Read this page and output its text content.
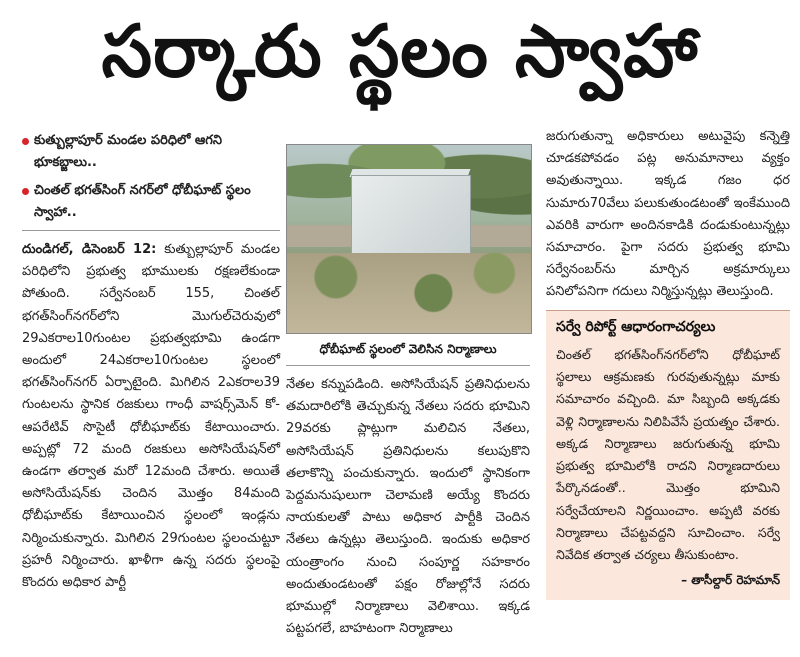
సర్కారు స్థలం స్వాహా
కుత్బుల్లాపూర్ మండల పరిధిలో ఆగని భూకబ్జాలు..
చింతల్ భగత్‌సింగ్ నగర్‌లో ధోబీఘాట్ స్థలం స్వాహా..
దుండిగల్, డిసెంబర్ 12: కుత్బుల్లాపూర్ మండల పరిధిలోని ప్రభుత్వ భూములకు రక్షణలేకుండా పోతుంది. సర్వేనంబర్ 155, చింతల్ భగత్‌సింగ్‌నగర్‌లోని మొగుల్‌చెరువులో 29ఎకరాల10గుంటల ప్రభుత్వభూమి ఉండగా అందులో 24ఎకరాల10గుంటల స్థలంలో భగత్‌సింగ్‌నగర్ ఏర్పాటైంది. మిగిలిన 2ఎకరాల39 గుంటలను స్థానిక రజకులు గాంధీ వాషర్స్‌మెన్ కో-ఆపరేటివ్ సొసైటీ ధోబీఘాట్‌కు కేటాయించారు. అప్పట్లో 72 మంది రజకులు అసోసియేషన్‌లో ఉండగా తర్వాత మరో 12మంది చేశారు. అయితే అసోసియేషన్‌కు చెందిన మొత్తం 84మంది ధోబీఘాట్‌కు కేటాయించిన స్థలంలో ఇండ్లను నిర్మించుకున్నారు. మిగిలిన 29గుంటల స్థలంచుట్టూ ప్రహరీ నిర్మించారు. ఖాళీగా ఉన్న సదరు స్థలంపై కొందరు అధికార పార్టీ
ధోబీఘాట్ స్థలంలో వెలిసిన నిర్మాణాలు
నేతల కన్నుపడింది. అసోసియేషన్ ప్రతినిధులను తమదారిలోకి తెచ్చుకున్న నేతలు సదరు భూమిని 29వరకు ప్లాట్లుగా మలిచిన నేతలు, అసోసియేషన్ ప్రతినిధులను కలుపుకొని తలాకొన్ని పంచుకున్నారు. ఇందులో స్థానికంగా పెద్దమనుషులుగా చెలామణి అయ్యే కొందరు నాయకులతో పాటు అధికార పార్టీకి చెందిన నేతలు ఉన్నట్లు తెలుస్తుంది. ఇందుకు అధికార యంత్రాంగం నుంచి సంపూర్ణ సహకారం అందుతుండటంతో పక్షం రోజుల్లోనే సదరు భూముల్లో నిర్మాణాలు వెలిశాయి. ఇక్కడ పట్టపగలే, బాహటంగా నిర్మాణాలు
జరుగుతున్నా అధికారులు అటువైపు కన్నెత్తి చూడకపోవడం పట్ల అనుమానాలు వ్యక్తం అవుతున్నాయి. ఇక్కడ గజం ధర సుమారు70వేలు పలుకుతుండటంతో ఇంకేముంది ఎవరికి వారుగా అందినకాడికి దండుకుంటున్నట్లు సమాచారం. పైగా సదరు ప్రభుత్వ భూమి సర్వేనంబర్‌ను మార్చిన అక్రమార్కులు పనిలోపనిగా గదులు నిర్మిస్తున్నట్లు తెలుస్తుంది.
సర్వే రిపోర్ట్ ఆధారంగాచర్యలు
చింతల్ భగత్‌సింగ్‌నగర్‌లోని ధోబీఘాట్ స్థలాలు ఆక్రమణకు గురవుతున్నట్లు మాకు సమాచారం వచ్చింది. మా సిబ్బంది అక్కడకు వెళ్లి నిర్మాణాలను నిలిపివేసే ప్రయత్నం చేశారు. అక్కడ నిర్మాణాలు జరుగుతున్న భూమి ప్రభుత్వ భూమిలోకి రాదని నిర్మాణదారులు పేర్కొనడంతో.. మొత్తం భూమిని సర్వేచేయాలని నిర్ణయించాం. అప్పటి వరకు నిర్మాణాలు చేపట్టవద్దని సూచించాం. సర్వే నివేదిక తర్వాత చర్యలు తీసుకుంటాం.
– తాసీల్దార్ రెహమాన్
